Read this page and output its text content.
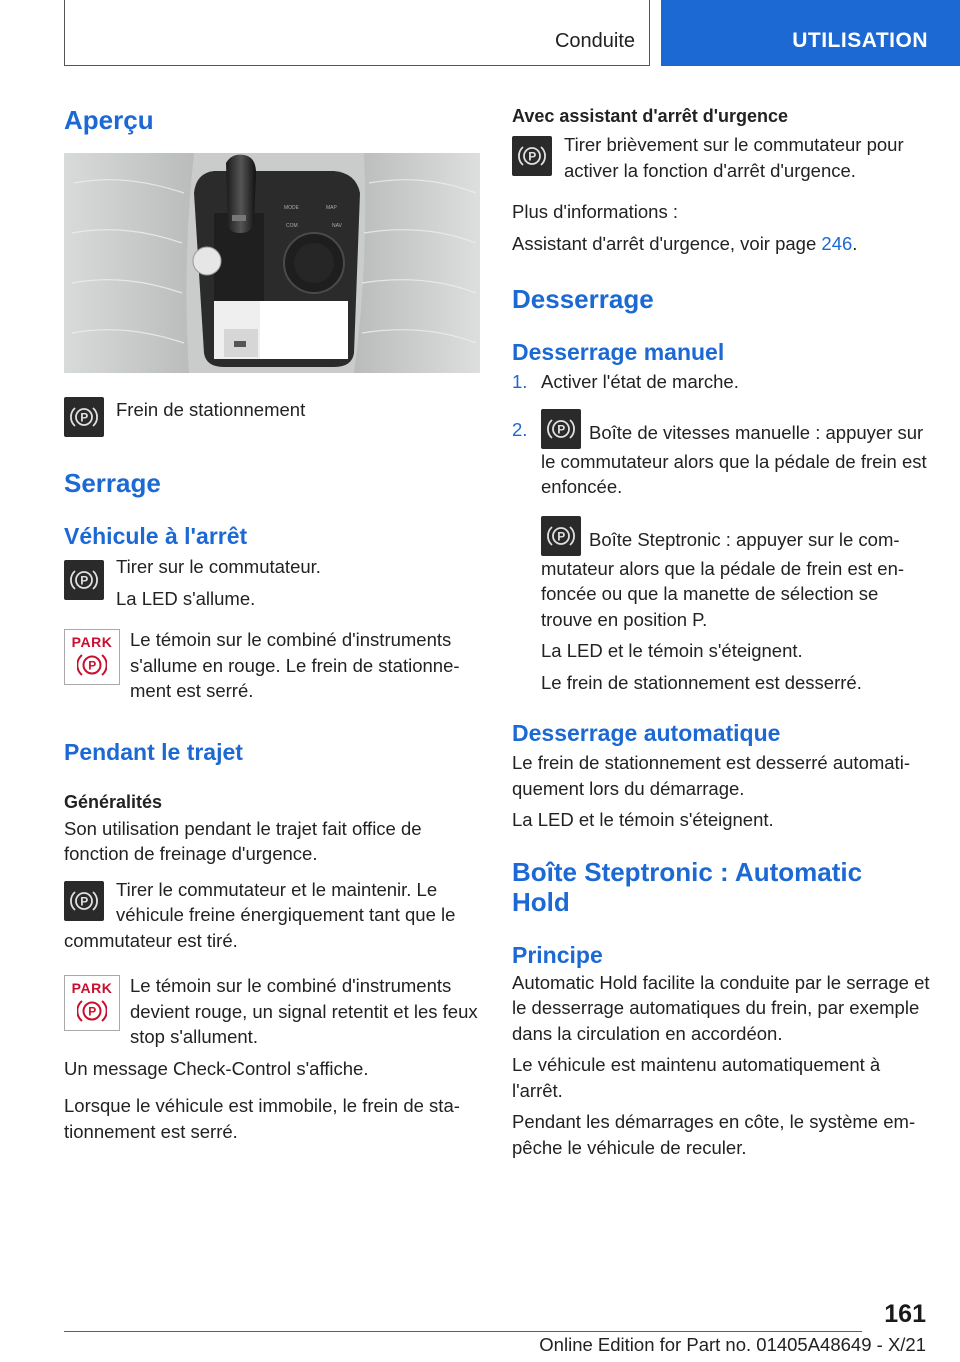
Conduite	UTILISATION
Aperçu
MODE	MAP
COM	NAV
P Frein de stationnement

Serrage
Véhicule à l'arrêt
P

Tirer sur le commutateur.

La LED s'allume.

PARK
P

Le témoin sur le combiné d'instruments s'allume en rouge. Le frein de stationnement est serré.

Pendant le trajet
Généralités

Son utilisation pendant le trajet fait office de fonction de freinage d'urgence.

P

Tirer le commutateur et le maintenir. Le véhicule freine énergiquement tant que le commutateur est tiré.

PARK
P

Le témoin sur le combiné d'instruments devient rouge, un signal retentit et les feux stop s'allument.

Un message Check-Control s'affiche.

Lorsque le véhicule est immobile, le frein de stationnement est serré.

Avec assistant d'arrêt d'urgence
P

Tirer brièvement sur le commutateur pour activer la fonction d'arrêt d'urgence.

Plus d'informations :

Assistant d'arrêt d'urgence, voir page 246.

Desserrage
Desserrage manuel
1. Activer l'état de marche.

2. P Boîte de vitesses manuelle : appuyer sur le commutateur alors que la pédale de frein est enfoncée.

P Boîte Steptronic : appuyer sur le commutateur alors que la pédale de frein est enfoncée ou que la manette de sélection se trouve en position P.

La LED et le témoin s'éteignent.

Le frein de stationnement est desserré.

Desserrage automatique

Le frein de stationnement est desserré automatiquement lors du démarrage.

La LED et le témoin s'éteignent.

Boîte Steptronic : Automatic Hold
Principe

Automatic Hold facilite la conduite par le serrage et le desserrage automatiques du frein, par exemple dans la circulation en accordéon.

Le véhicule est maintenu automatiquement à l'arrêt.

Pendant les démarrages en côte, le système empêche le véhicule de reculer.

161
Online Edition for Part no. 01405A48649 - X/21
